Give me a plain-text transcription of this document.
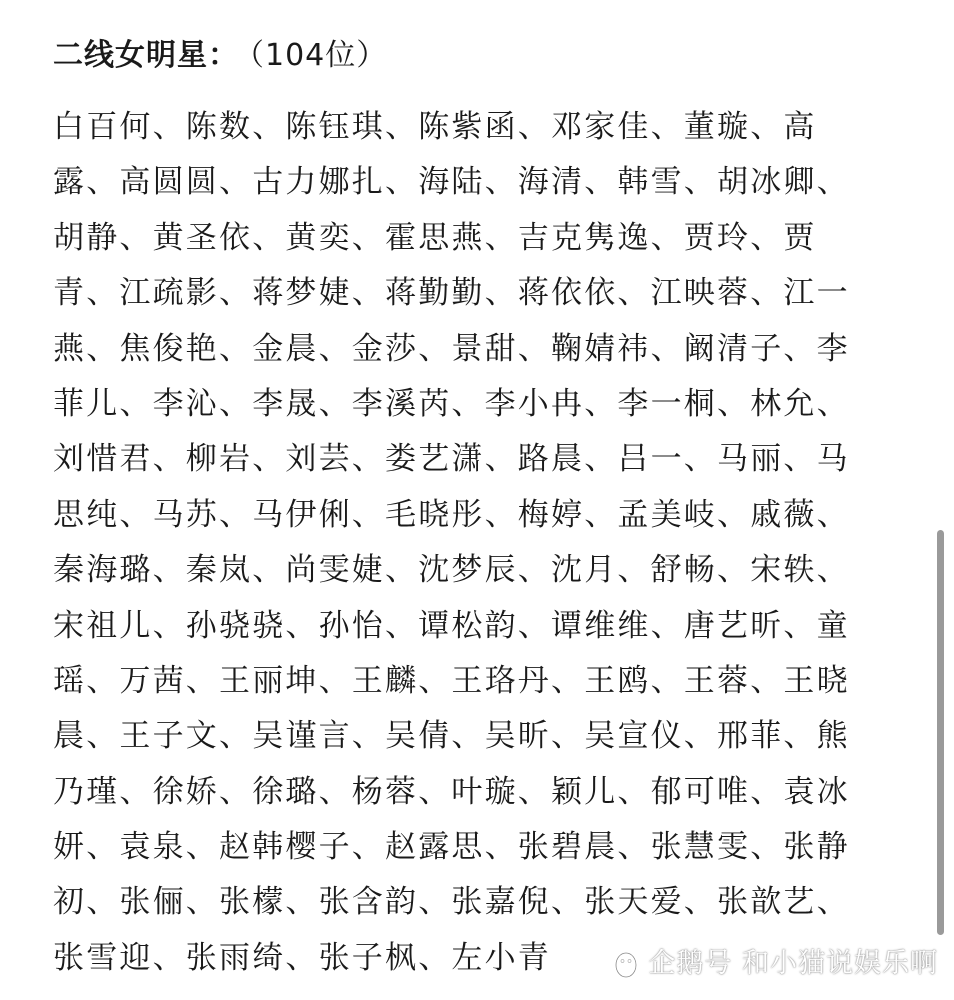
二线女明星： （104位）
白百何、陈数、陈钰琪、陈紫函、邓家佳、董璇、高
露、高圆圆、古力娜扎、海陆、海清、韩雪、胡冰卿、
胡静、黄圣依、黄奕、霍思燕、吉克隽逸、贾玲、贾
青、江疏影、蒋梦婕、蒋勤勤、蒋依依、江映蓉、江一
燕、焦俊艳、金晨、金莎、景甜、鞠婧祎、阚清子、李
菲儿、李沁、李晟、李溪芮、李小冉、李一桐、林允、
刘惜君、柳岩、刘芸、娄艺潇、路晨、吕一、马丽、马
思纯、马苏、马伊俐、毛晓彤、梅婷、孟美岐、戚薇、
秦海璐、秦岚、尚雯婕、沈梦辰、沈月、舒畅、宋轶、
宋祖儿、孙骁骁、孙怡、谭松韵、谭维维、唐艺昕、童
瑶、万茜、王丽坤、王麟、王珞丹、王鸥、王蓉、王晓
晨、王子文、吴谨言、吴倩、吴昕、吴宣仪、邢菲、熊
乃瑾、徐娇、徐璐、杨蓉、叶璇、颖儿、郁可唯、袁冰
妍、袁泉、赵韩樱子、赵露思、张碧晨、张慧雯、张静
初、张俪、张檬、张含韵、张嘉倪、张天爱、张歆艺、
张雪迎、张雨绮、张子枫、左小青	企鹅号 和小猫说娱乐啊
